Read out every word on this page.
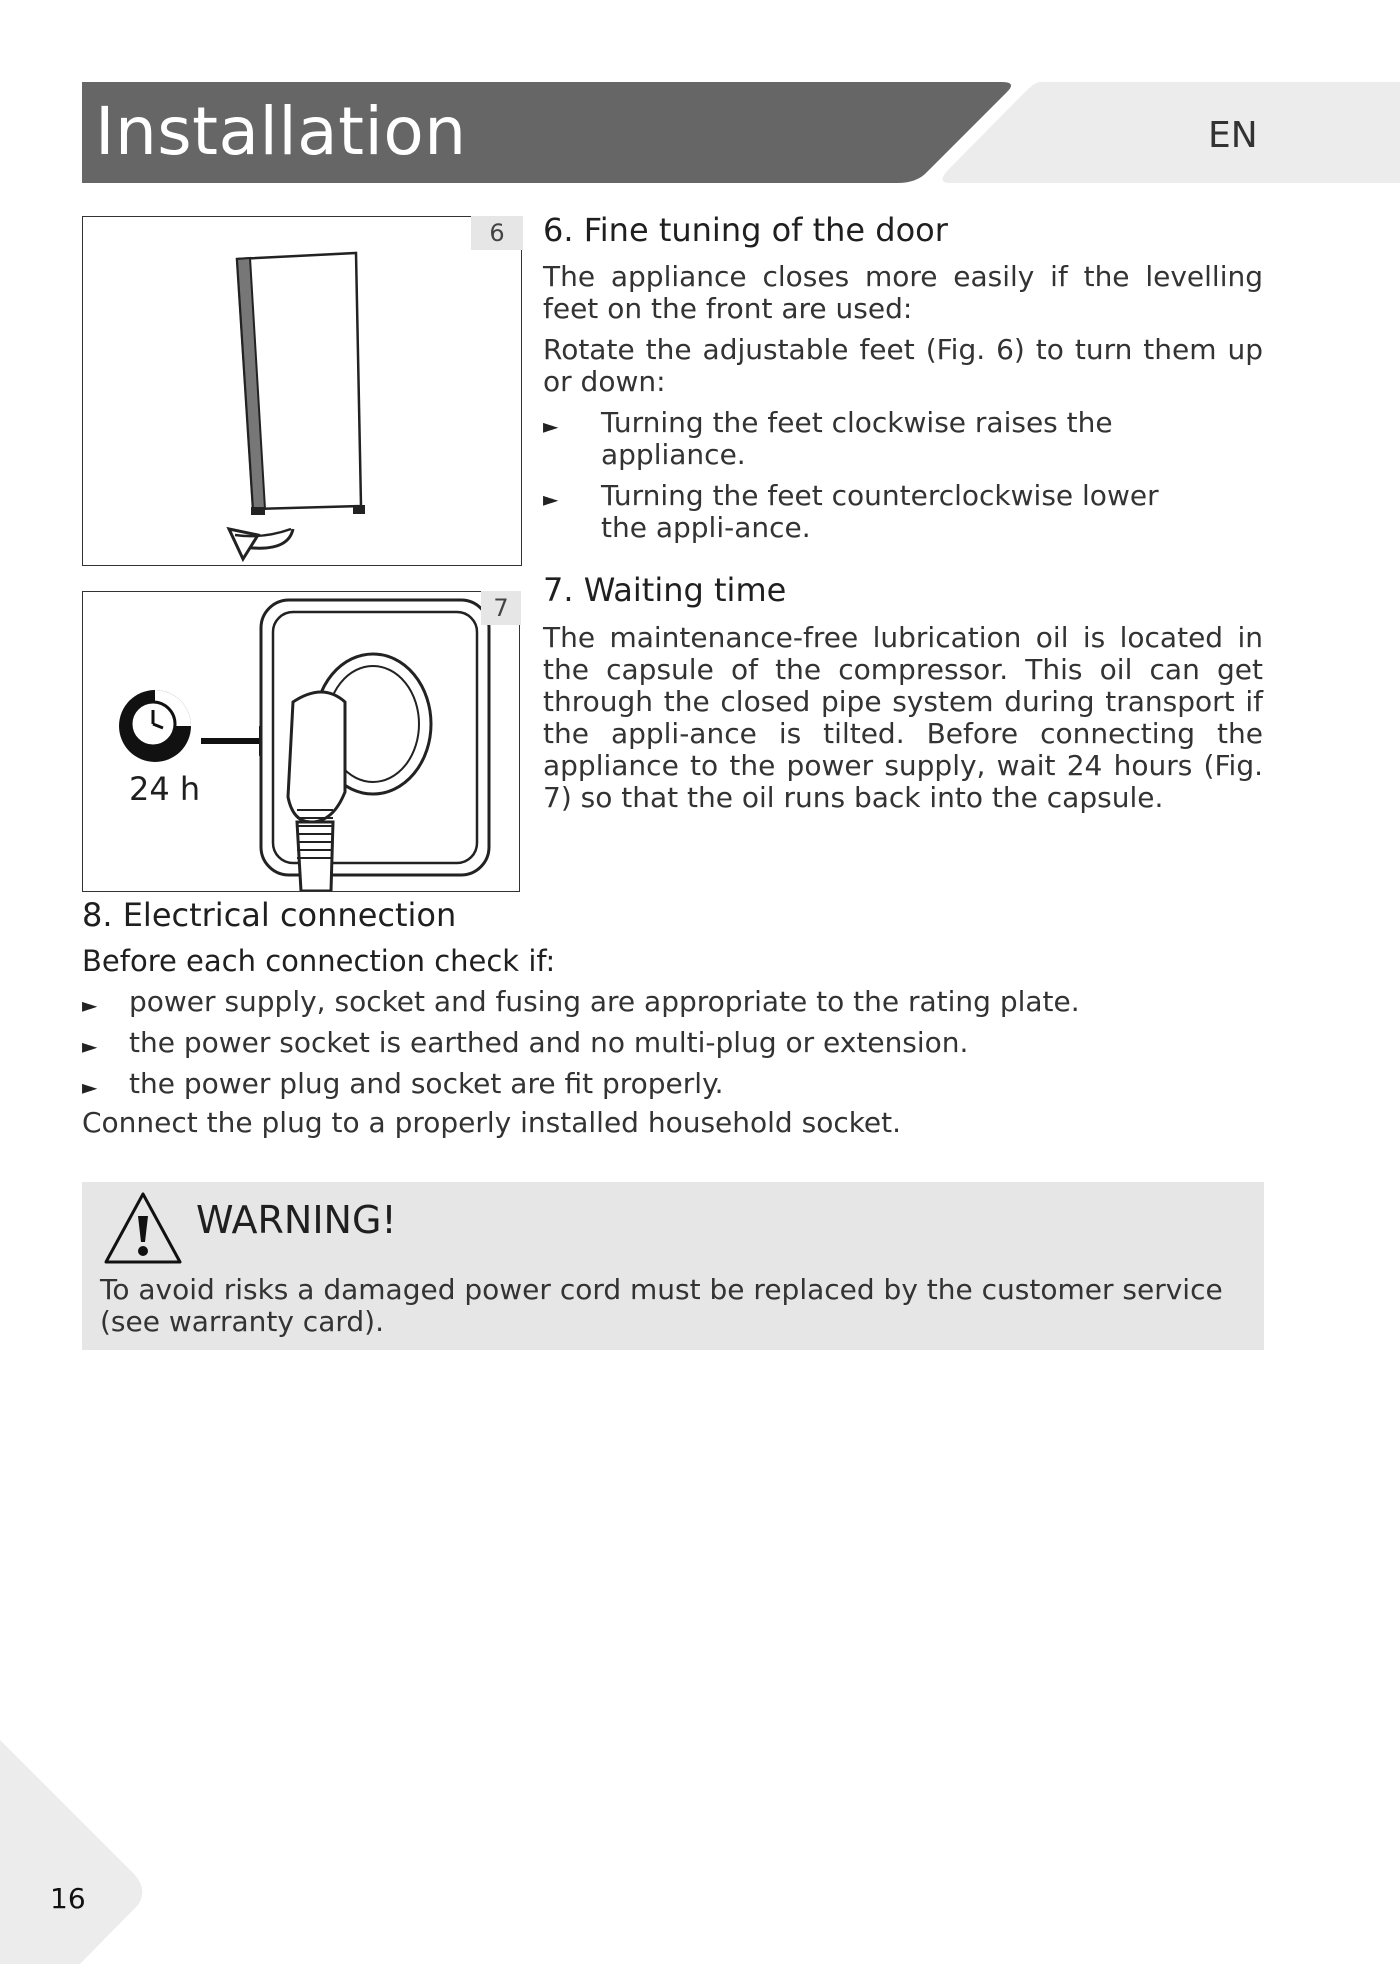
Installation	EN
6	6. Fine tuning of the door

The appliance closes more easily if the levelling feet on the front are used:

Rotate the adjustable feet (Fig. 6) to turn them up or down:

► Turning the feet clockwise raises the appliance.
► Turning the feet counterclockwise lower the appli-ance.
24 h
7	7. Waiting time

The maintenance-free lubrication oil is located in the capsule of the compressor. This oil can get through the closed pipe system during transport if the appli-ance is tilted. Before connecting the appliance to the power supply, wait 24 hours (Fig. 7) so that the oil runs back into the capsule.

8. Electrical connection
Before each connection check if:
► power supply, socket and fusing are appropriate to the rating plate.
► the power socket is earthed and no multi-plug or extension.
► the power plug and socket are fit properly.

Connect the plug to a properly installed household socket.

WARNING!
To avoid risks a damaged power cord must be replaced by the customer service (see warranty card).
16
